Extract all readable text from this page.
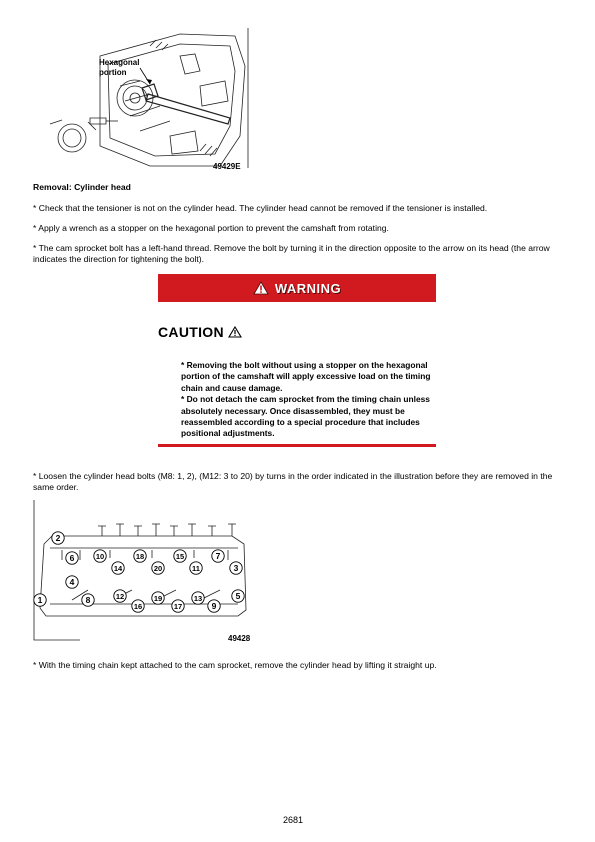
Hexagonal
portion
49429E
Removal: Cylinder head
* Check that the tensioner is not on the cylinder head. The cylinder head cannot be removed if the tensioner is installed.
* Apply a wrench as a stopper on the hexagonal portion to prevent the camshaft from rotating.
* The cam sprocket bolt has a left-hand thread. Remove the bolt by turning it in the direction opposite to the arrow on its head (the arrow indicates the direction for tightening the bolt).
WARNING
CAUTION
* Removing the bolt without using a stopper on the hexagonal portion of the camshaft will apply excessive load on the timing chain and cause damage.
* Do not detach the cam sprocket from the timing chain unless absolutely necessary. Once disassembled, they must be reassembled according to a special procedure that includes positional adjustments.
* Loosen the cylinder head bolts (M8: 1, 2), (M12: 3 to 20) by turns in the order indicated in the illustration before they are removed in the same order.
1
2
3
4
5
6	7
8
9
10
11
12	13
14
15
16	17
18
19
20
49428
* With the timing chain kept attached to the cam sprocket, remove the cylinder head by lifting it straight up.
2681
